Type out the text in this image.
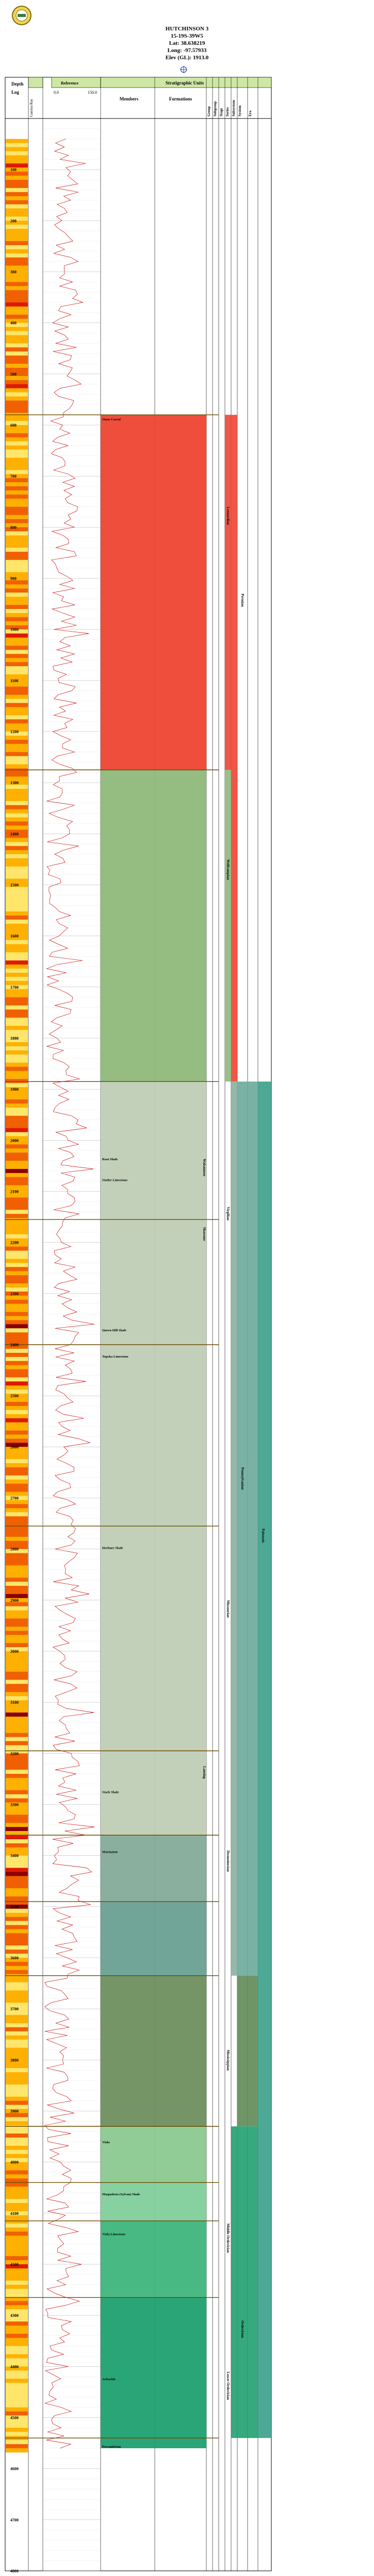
HUTCHINSON 3
15-19S-39W5
Lat: 38.638219
Long: -97.57933
Elev (GL): 1913.0
Depth
Log
Reference
0.0	150.0
Stratigraphic Units
Members	Formations
Group Subgroup Stage Series Subsystem System Era
Gamma Ray
Stone Corral
Root Shale
Stotler Limestone
Queen Hill Shale
Topeka Limestone
Heebner Shale
Stark Shale
Marmaton
Viola
Maquoketa (Sylvan) Shale
Viola Limestone
Arbuckle
Precambrian
Wabaunsee
Shawnee
Lansing
Leonardian
Wolfcampian
Virgilian
Missourian
Desmoinesian
Mississippian
Middle Ordovician
Lower Ordovician
Permian
Pennsylvanian
Ordovician
Paleozoic
100
200
300
400
500
600
700
800
900
1000
1100
1200
1300
1400
1500
1600
1700
1800
1900
2000
2100
2200
2300
2400
2500
2600
2700
2800
2900
3000
3100
3200
3300
3400
3500
3600
3700
3800
3900
4000
4100
4200
4300
4400
4500
4600
4700
4800
